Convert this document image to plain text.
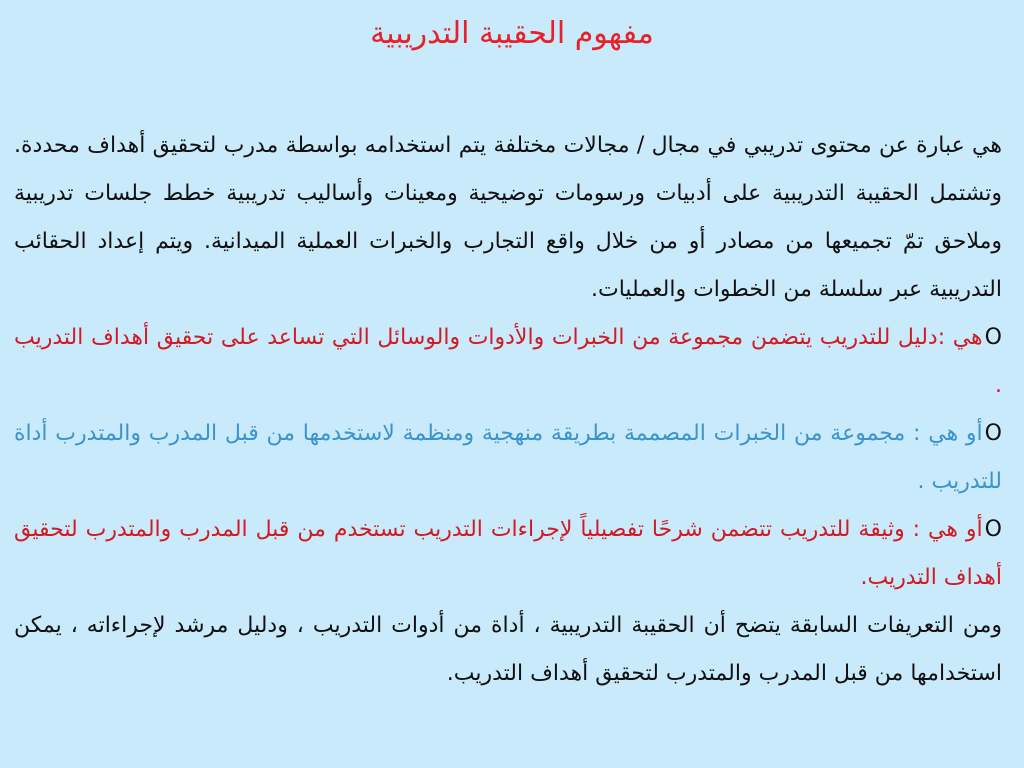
مفهوم الحقيبة التدريبية

هي عبارة عن محتوى تدريبي في مجال / مجالات مختلفة يتم استخدامه بواسطة مدرب لتحقيق أهداف محددة. وتشتمل الحقيبة التدريبية على أدبيات ورسومات توضيحية ومعينات وأساليب تدريبية خطط جلسات تدريبية وملاحق تمّ تجميعها من مصادر أو من خلال واقع التجارب والخبرات العملية الميدانية. ويتم إعداد الحقائب التدريبية عبر سلسلة من الخطوات والعمليات.

Oهي :دليل للتدريب يتضمن مجموعة من الخبرات والأدوات والوسائل التي تساعد على تحقيق أهداف التدريب .

Oأو هي : مجموعة من الخبرات المصممة بطريقة منهجية ومنظمة لاستخدمها من قبل المدرب والمتدرب أداة للتدريب .

Oأو هي : وثيقة للتدريب تتضمن شرحًا تفصيلياً لإجراءات التدريب تستخدم من قبل المدرب والمتدرب لتحقيق أهداف التدريب.

ومن التعريفات السابقة يتضح أن الحقيبة التدريبية ، أداة من أدوات التدريب ، ودليل مرشد لإجراءاته ، يمكن استخدامها من قبل المدرب والمتدرب لتحقيق أهداف التدريب.
